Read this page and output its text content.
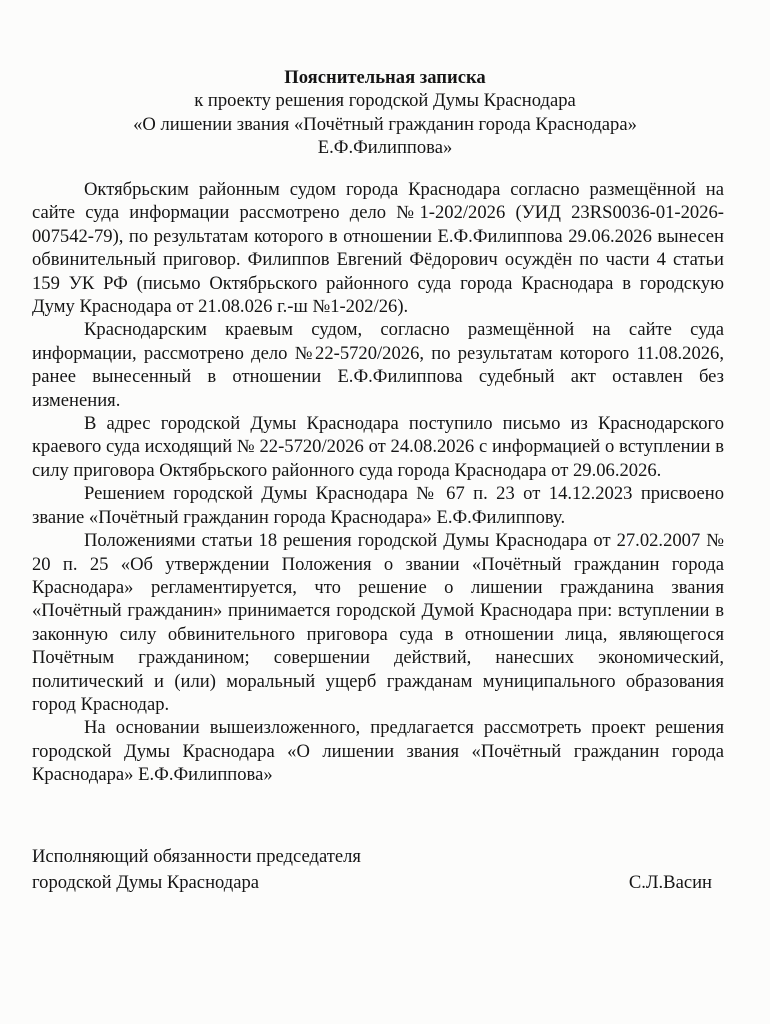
Пояснительная записка
к проекту решения городской Думы Краснодара
«О лишении звания «Почётный гражданин города Краснодара»
Е.Ф.Филиппова»

Октябрьским районным судом города Краснодара согласно размещённой на сайте суда информации рассмотрено дело №1-202/2026 (УИД 23RS0036-01-2026-007542-79), по результатам которого в отношении Е.Ф.Филиппова 29.06.2026 вынесен обвинительный приговор. Филиппов Евгений Фёдорович осуждён по части 4 статьи 159 УК РФ (письмо Октябрьского районного суда города Краснодара в городскую Думу Краснодара от 21.08.026 г.-ш №1-202/26).

Краснодарским краевым судом, согласно размещённой на сайте суда информации, рассмотрено дело №22-5720/2026, по результатам которого 11.08.2026, ранее вынесенный в отношении Е.Ф.Филиппова судебный акт оставлен без изменения.

В адрес городской Думы Краснодара поступило письмо из Краснодарского краевого суда исходящий № 22-5720/2026 от 24.08.2026 с информацией о вступлении в силу приговора Октябрьского районного суда города Краснодара от 29.06.2026.

Решением городской Думы Краснодара № 67 п. 23 от 14.12.2023 присвоено звание «Почётный гражданин города Краснодара» Е.Ф.Филиппову.

Положениями статьи 18 решения городской Думы Краснодара от 27.02.2007 № 20 п. 25 «Об утверждении Положения о звании «Почётный гражданин города Краснодара» регламентируется, что решение о лишении гражданина звания «Почётный гражданин» принимается городской Думой Краснодара при: вступлении в законную силу обвинительного приговора суда в отношении лица, являющегося Почётным гражданином; совершении действий, нанесших экономический, политический и (или) моральный ущерб гражданам муниципального образования город Краснодар.

На основании вышеизложенного, предлагается рассмотреть проект решения городской Думы Краснодара «О лишении звания «Почётный гражданин города Краснодара» Е.Ф.Филиппова»

Исполняющий обязанности председателя
городской Думы Краснодара	С.Л.Васин
